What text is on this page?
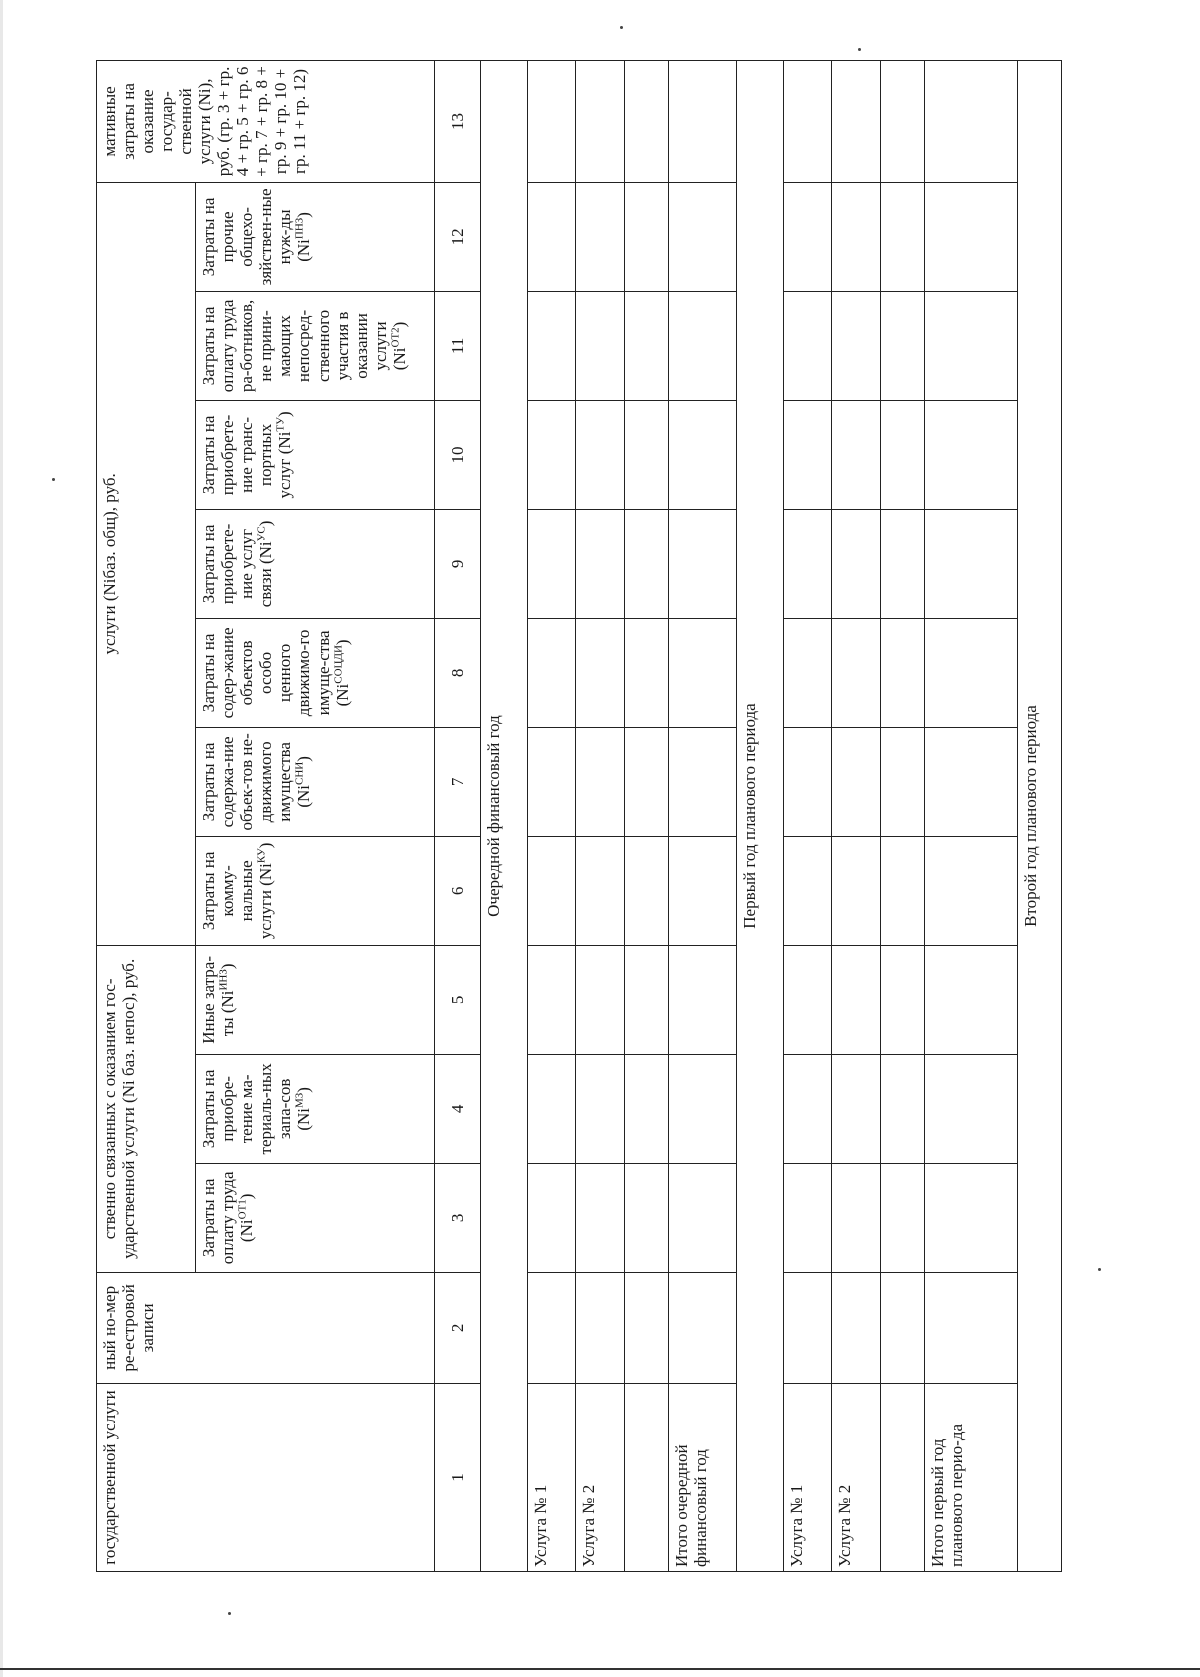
государственной услуги	ный но-мер ре-естровой записи	ственно связанных с оказанием гос-ударственной услуги (Ni баз. непос), руб.			услуги (Niбаз. общ), руб.							мативные затраты на оказание государ-ственной услуги (Ni), руб. (гр. 3 + гр. 4 + гр. 5 + гр. 6 + гр. 7 + гр. 8 + гр. 9 + гр. 10 + гр. 11 + гр. 12)
		Затраты на оплату труда $(Ni^{ОТ1})$	Затраты на приобре-тение ма-териаль-ных запа-сов $(Ni^{МЗ})$	Иные затра-ты $(Ni^{ИНЗ})$	Затраты на комму-нальные услуги $(Ni^{КУ})$	Затраты на содержа-ние объек-тов не-движимого имущества $(Ni^{СНИ})$	Затраты на содер-жание объектов особо ценного движимо-го имуще-ства $(Ni^{СОЦДИ})$	Затраты на приобрете-ние услуг связи $(Ni^{УС})$	Затраты на приобрете-ние транс-портных услуг $(Ni^{ТУ})$	Затраты на оплату труда ра-ботников, не прини-мающих непосред-ственного участия в оказании услуги $(Ni^{ОТ2})$	Затраты на прочие общехо-зяйствен-ные нуж-ды $(Ni^{ПНЗ})$	
1	2	3	4	5	6	7	8	9	10	11	12	13
Очередной финансовый год												
Услуга № 1												
Услуга № 2												

Итого очередной финансовый год												
Первый год планового периода												
Услуга № 1												
Услуга № 2												

Итого первый год планового перио-да												
Второй год планового периода												
